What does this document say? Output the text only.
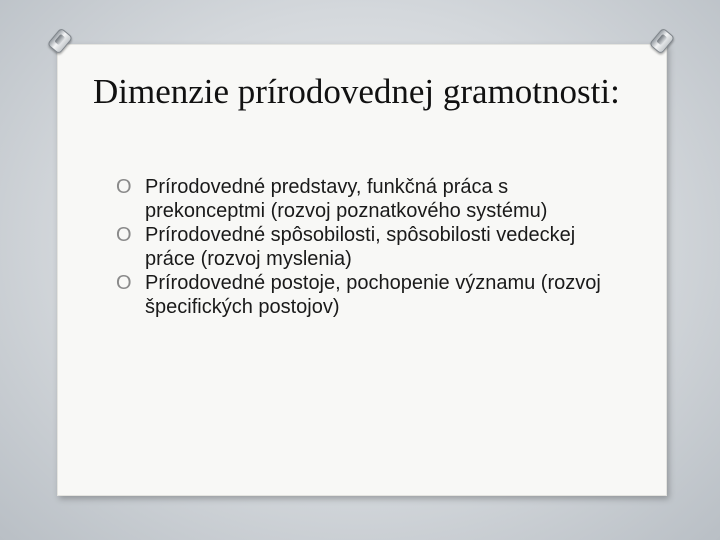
Dimenzie prírodovednej gramotnosti:
O Prírodovedné predstavy, funkčná práca s prekonceptmi (rozvoj poznatkového systému)
O Prírodovedné spôsobilosti, spôsobilosti vedeckej práce (rozvoj myslenia)
O Prírodovedné postoje, pochopenie významu (rozvoj špecifických postojov)
